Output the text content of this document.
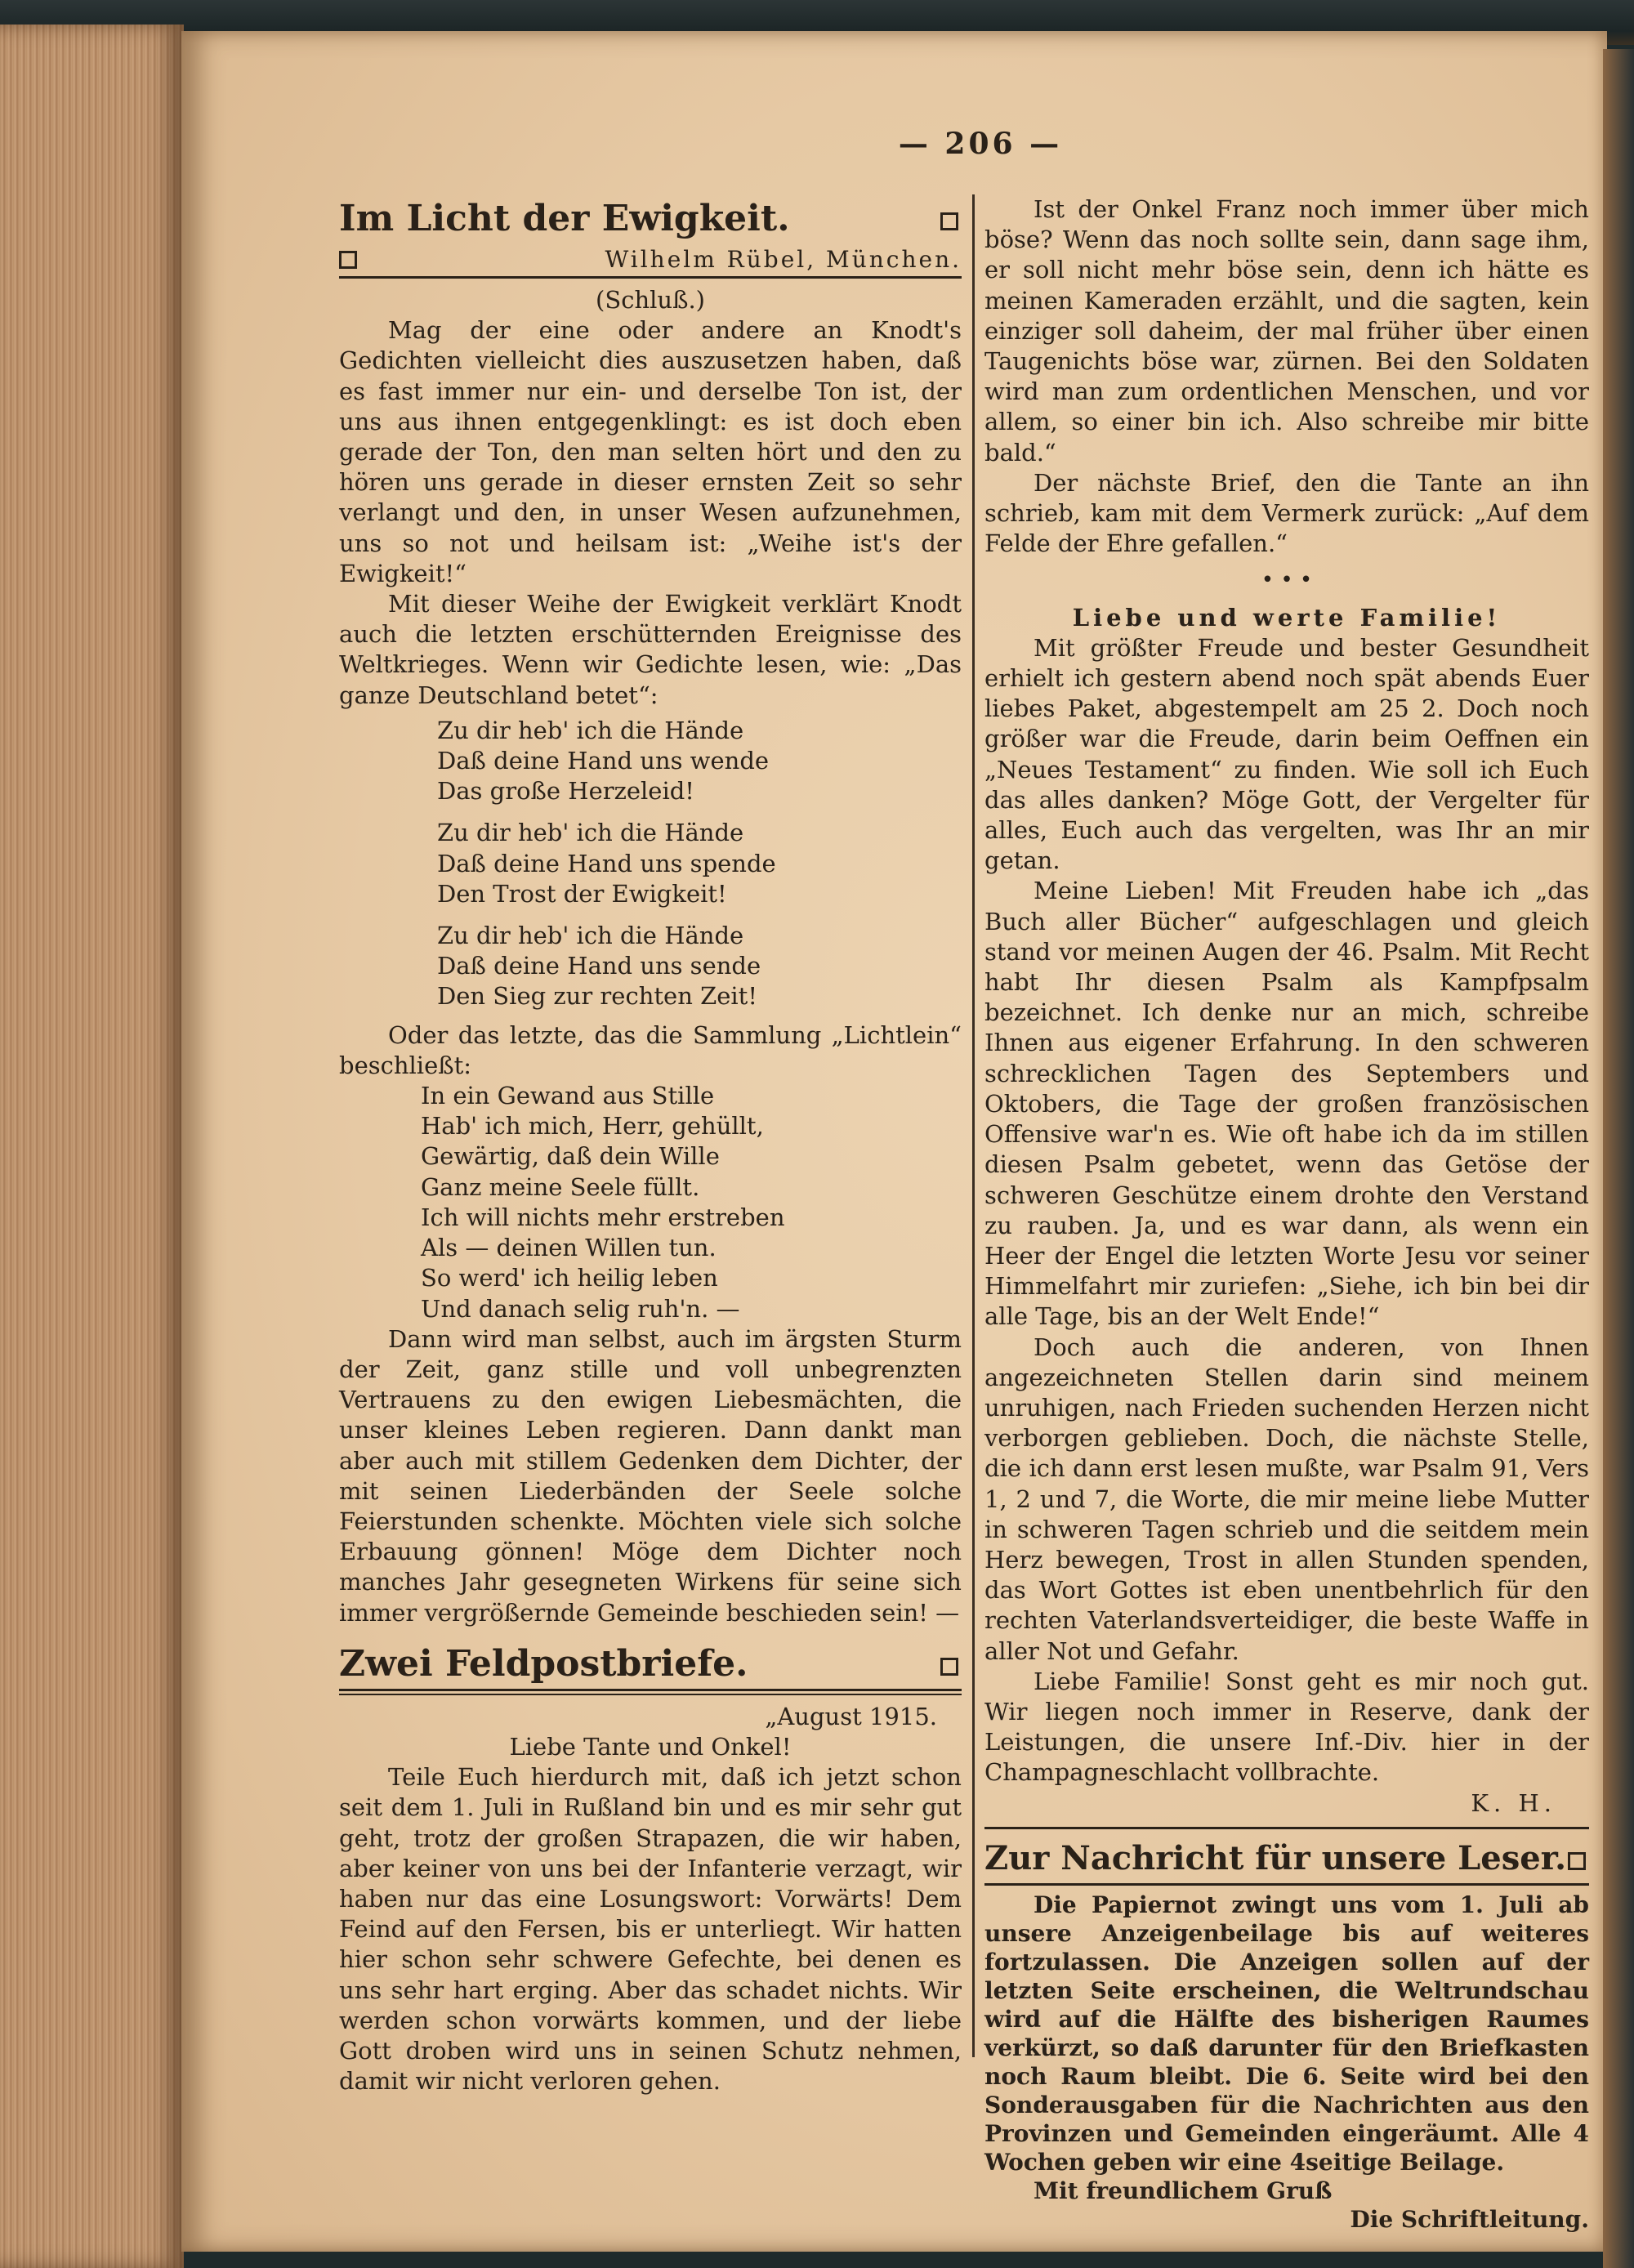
— 206 —
Im Licht der Ewigkeit.
Wilhelm Rübel, München.

(Schluß.)

Mag der eine oder andere an Knodt's Gedichten vielleicht dies auszusetzen haben, daß es fast immer nur ein- und derselbe Ton ist, der uns aus ihnen entgegenklingt: es ist doch eben gerade der Ton, den man selten hört und den zu hören uns gerade in dieser ernsten Zeit so sehr verlangt und den, in unser Wesen aufzunehmen, uns so not und heilsam ist: „Weihe ist's der Ewigkeit!“

Mit dieser Weihe der Ewigkeit verklärt Knodt auch die letzten erschütternden Ereignisse des Weltkrieges. Wenn wir Gedichte lesen, wie: „Das ganze Deutschland betet“:

Zu dir heb' ich die Hände

Daß deine Hand uns wende

Das große Herzeleid!

Zu dir heb' ich die Hände

Daß deine Hand uns spende

Den Trost der Ewigkeit!

Zu dir heb' ich die Hände

Daß deine Hand uns sende

Den Sieg zur rechten Zeit!

Oder das letzte, das die Sammlung „Lichtlein“ beschließt:

In ein Gewand aus Stille

Hab' ich mich, Herr, gehüllt,

Gewärtig, daß dein Wille

Ganz meine Seele füllt.

Ich will nichts mehr erstreben

Als — deinen Willen tun.

So werd' ich heilig leben

Und danach selig ruh'n. —

Dann wird man selbst, auch im ärgsten Sturm der Zeit, ganz stille und voll unbegrenzten Vertrauens zu den ewigen Liebesmächten, die unser kleines Leben regieren. Dann dankt man aber auch mit stillem Gedenken dem Dichter, der mit seinen Liederbänden der Seele solche Feierstunden schenkte. Möchten viele sich solche Erbauung gönnen! Möge dem Dichter noch manches Jahr gesegneten Wirkens für seine sich immer vergrößernde Gemeinde beschieden sein! —

Zwei Feldpostbriefe.

„August 1915.

Liebe Tante und Onkel!

Teile Euch hierdurch mit, daß ich jetzt schon seit dem 1. Juli in Rußland bin und es mir sehr gut geht, trotz der großen Strapazen, die wir haben, aber keiner von uns bei der Infanterie verzagt, wir haben nur das eine Losungswort: Vorwärts! Dem Feind auf den Fersen, bis er unterliegt. Wir hatten hier schon sehr schwere Gefechte, bei denen es uns sehr hart erging. Aber das schadet nichts. Wir werden schon vorwärts kommen, und der liebe Gott droben wird uns in seinen Schutz nehmen, damit wir nicht verloren gehen.

Ist der Onkel Franz noch immer über mich böse? Wenn das noch sollte sein, dann sage ihm, er soll nicht mehr böse sein, denn ich hätte es meinen Kameraden erzählt, und die sagten, kein einziger soll daheim, der mal früher über einen Taugenichts böse war, zürnen. Bei den Soldaten wird man zum ordentlichen Menschen, und vor allem, so einer bin ich. Also schreibe mir bitte bald.“

Der nächste Brief, den die Tante an ihn schrieb, kam mit dem Vermerk zurück: „Auf dem Felde der Ehre gefallen.“

• • •

Liebe und werte Familie!

Mit größter Freude und bester Gesundheit erhielt ich gestern abend noch spät abends Euer liebes Paket, abgestempelt am 25 2. Doch noch größer war die Freude, darin beim Oeffnen ein „Neues Testament“ zu finden. Wie soll ich Euch das alles danken? Möge Gott, der Vergelter für alles, Euch auch das vergelten, was Ihr an mir getan.

Meine Lieben! Mit Freuden habe ich „das Buch aller Bücher“ aufgeschlagen und gleich stand vor meinen Augen der 46. Psalm. Mit Recht habt Ihr diesen Psalm als Kampfpsalm bezeichnet. Ich denke nur an mich, schreibe Ihnen aus eigener Erfahrung. In den schweren schrecklichen Tagen des Septembers und Oktobers, die Tage der großen französischen Offensive war'n es. Wie oft habe ich da im stillen diesen Psalm gebetet, wenn das Getöse der schweren Geschütze einem drohte den Verstand zu rauben. Ja, und es war dann, als wenn ein Heer der Engel die letzten Worte Jesu vor seiner Himmelfahrt mir zuriefen: „Siehe, ich bin bei dir alle Tage, bis an der Welt Ende!“

Doch auch die anderen, von Ihnen angezeichneten Stellen darin sind meinem unruhigen, nach Frieden suchenden Herzen nicht verborgen geblieben. Doch, die nächste Stelle, die ich dann erst lesen mußte, war Psalm 91, Vers 1, 2 und 7, die Worte, die mir meine liebe Mutter in schweren Tagen schrieb und die seitdem mein Herz bewegen, Trost in allen Stunden spenden, das Wort Gottes ist eben unentbehrlich für den rechten Vaterlandsverteidiger, die beste Waffe in aller Not und Gefahr.

Liebe Familie! Sonst geht es mir noch gut. Wir liegen noch immer in Reserve, dank der Leistungen, die unsere Inf.-Div. hier in der Champagneschlacht vollbrachte.

K. H.

Zur Nachricht für unsere Leser.

Die Papiernot zwingt uns vom 1. Juli ab unsere Anzeigenbeilage bis auf weiteres fortzulassen. Die Anzeigen sollen auf der letzten Seite erscheinen, die Weltrundschau wird auf die Hälfte des bisherigen Raumes verkürzt, so daß darunter für den Briefkasten noch Raum bleibt. Die 6. Seite wird bei den Sonderausgaben für die Nachrichten aus den Provinzen und Gemeinden eingeräumt. Alle 4 Wochen geben wir eine 4seitige Beilage.

Mit freundlichem Gruß

Die Schriftleitung.
